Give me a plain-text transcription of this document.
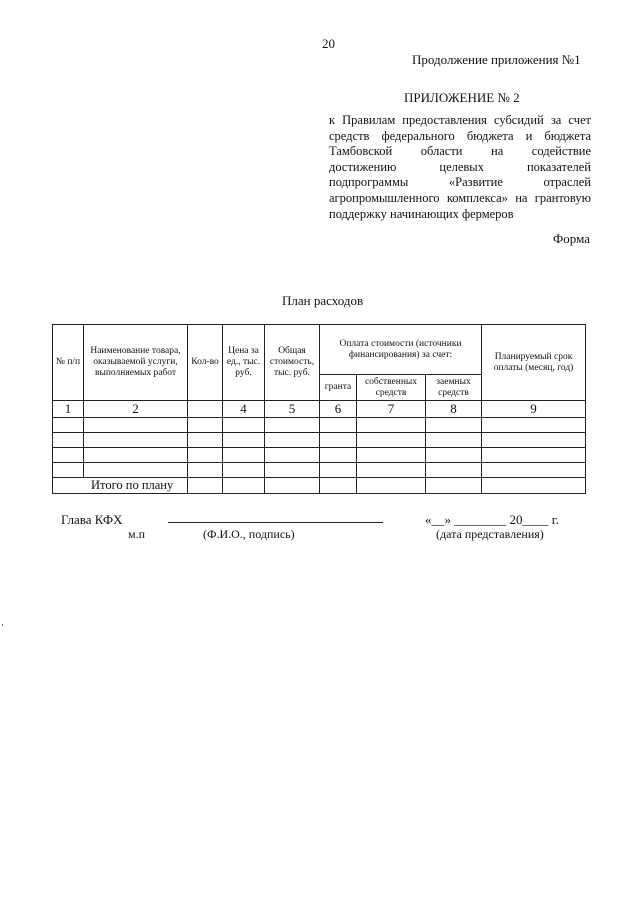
20
Продолжение приложения №1
ПРИЛОЖЕНИЕ № 2
к Правилам предоставления субсидий за счет
средств федерального бюджета и бюджета
Тамбовской области на содействие
достижению целевых показателей
подпрограммы «Развитие отраслей
агропромышленного комплекса» на грантовую
поддержку начинающих фермеров
Форма
План расходов
№ п/п	Наименование товара, оказываемой услуги, выполняемых работ	Кол-во	Цена за ед., тыс. руб.	Общая стоимость, тыс. руб.	Оплата стоимости (источники финансирования) за счет:			Планируемый срок оплаты (месяц, год)
					гранта	собственных средств	заемных средств	
1	2		4	5	6	7	8	9

Итого по плану								
Глава КФХ
м.п	(Ф.И.О., подпись)
«__» ________ 20____ г.
(дата представления)
